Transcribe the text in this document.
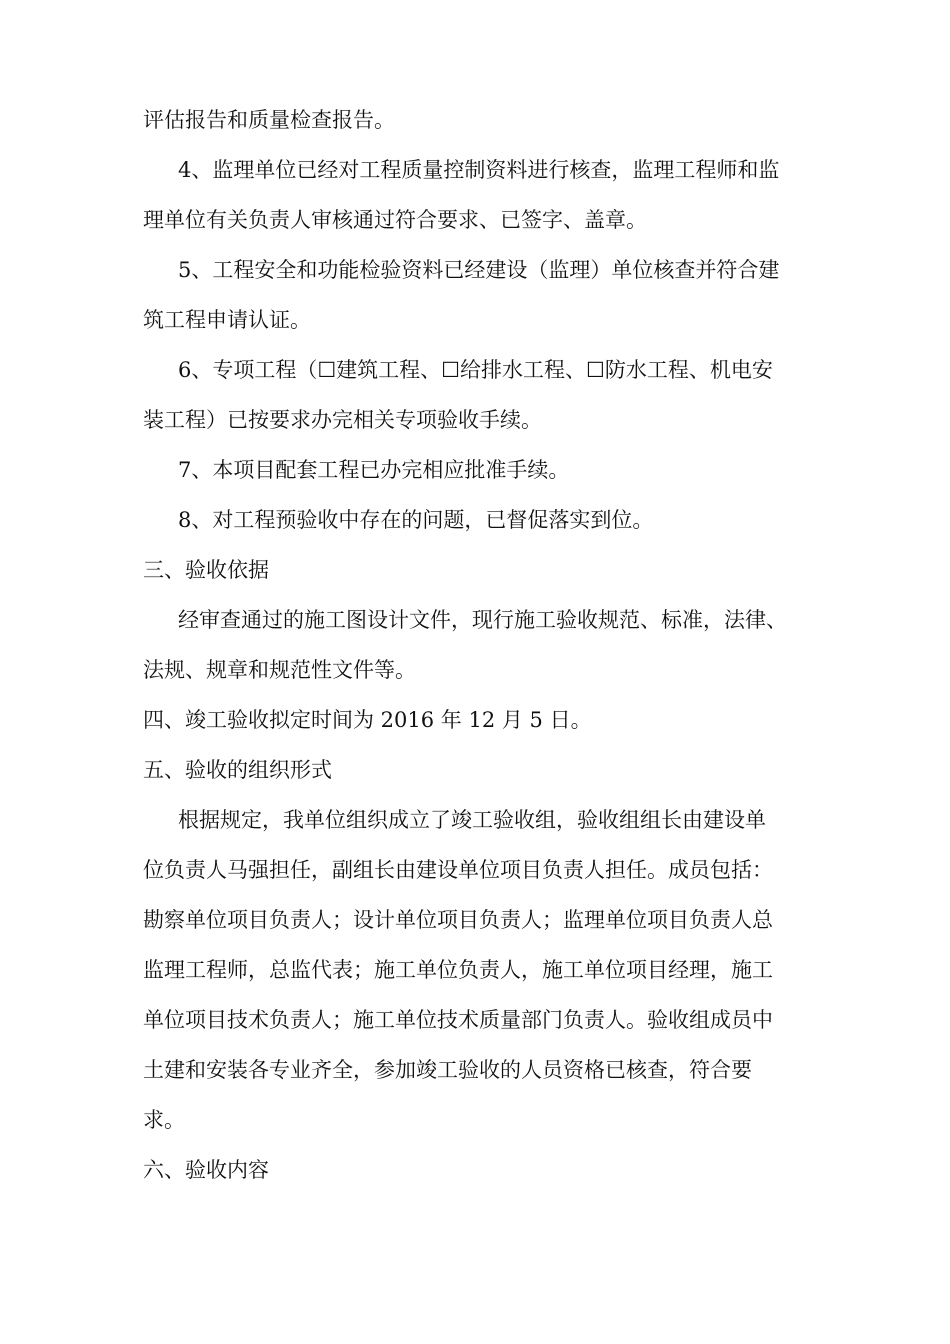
评估报告和质量检查报告。
4、监理单位已经对工程质量控制资料进行核查，监理工程师和监
理单位有关负责人审核通过符合要求、已签字、盖章。
5、工程安全和功能检验资料已经建设（监理）单位核查并符合建
筑工程申请认证。
6、专项工程（☐建筑工程、☐给排水工程、☐防水工程、机电安
装工程）已按要求办完相关专项验收手续。
7、本项目配套工程已办完相应批准手续。
8、对工程预验收中存在的问题，已督促落实到位。
三、验收依据
经审查通过的施工图设计文件，现行施工验收规范、标准，法律、
法规、规章和规范性文件等。
四、竣工验收拟定时间为 2016 年 12 月 5 日。
五、验收的组织形式
根据规定，我单位组织成立了竣工验收组，验收组组长由建设单
位负责人马强担任，副组长由建设单位项目负责人担任。成员包括：
勘察单位项目负责人；设计单位项目负责人；监理单位项目负责人总
监理工程师，总监代表；施工单位负责人，施工单位项目经理，施工
单位项目技术负责人；施工单位技术质量部门负责人。验收组成员中
土建和安装各专业齐全，参加竣工验收的人员资格已核查，符合要
求。
六、验收内容
